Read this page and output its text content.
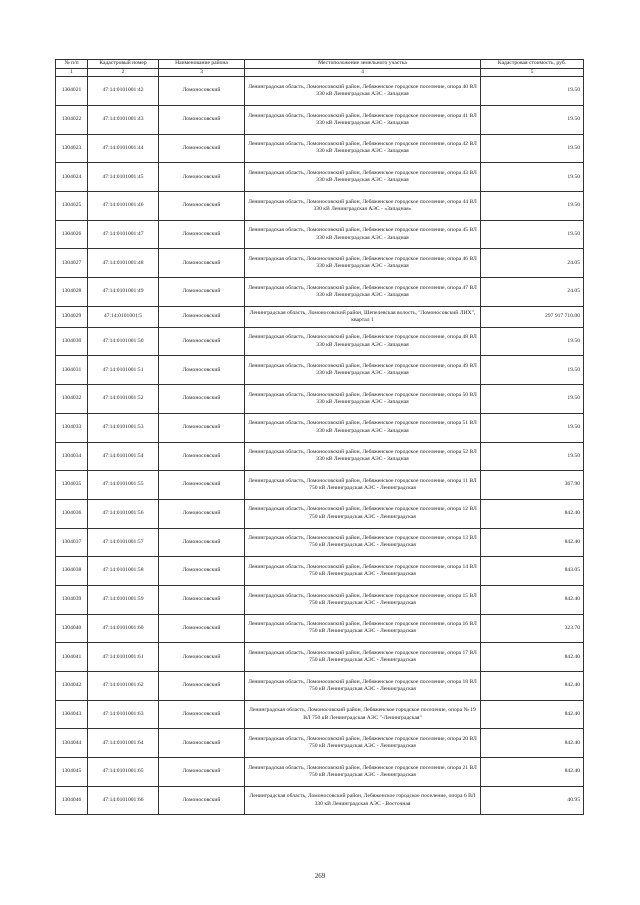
№ п/п	Кадастровый номер	Наименование района	Местоположение земельного участка	Кадастровая стоимость, руб.
1	2	3	4	5
1304021	47:14:0101001:42	Ломоносовский	Ленинградская область, Ломоносовский район, Лебяженское городское поселение, опора 40 ВЛ 330 кВ Ленинградская АЭС - Западная	19.50
1304022	47:14:0101001:43	Ломоносовский	Ленинградская область, Ломоносовский район, Лебяженское городское поселение, опора 41 ВЛ 330 кВ Ленинградская АЭС - Западная	19.50
1304023	47:14:0101001:44	Ломоносовский	Ленинградская область, Ломоносовский район, Лебяженское городское поселение, опора 42 ВЛ 330 кВ Ленинградская АЭС - Западная	19.50
1304024	47:14:0101001:45	Ломоносовский	Ленинградская область, Ломоносовский район, Лебяженское городское поселение, опора 43 ВЛ 330 кВ Ленинградская АЭС - Западная	19.50
1304025	47:14:0101001:46	Ломоносовский	Ленинградская область, Ломоносовский район, Лебяженское городское поселение, опора 44 ВЛ 330 кВ Ленинградская АЭС - «Западная»	19.50
1304026	47:14:0101001:47	Ломоносовский	Ленинградская область, Ломоносовский район, Лебяженское городское поселение, опора 45 ВЛ 330 кВ Ленинградская АЭС - Западная	19.50
1304027	47:14:0101001:48	Ломоносовский	Ленинградская область, Ломоносовский район, Лебяженское городское поселение, опора 46 ВЛ 330 кВ Ленинградская АЭС - Западная	24.05
1304028	47:14:0101001:49	Ломоносовский	Ленинградская область, Ломоносовский район, Лебяженское городское поселение, опора 47 ВЛ 330 кВ Ленинградская АЭС - Западная	24.05
1304029	47:14:0101001:5	Ломоносовский	Ленинградская область, Ломоносовский район, Шепелевская волость, "Ломоносовский ЛИХ", квартал 1	297 917 710.00
1304030	47:14:0101001:50	Ломоносовский	Ленинградская область, Ломоносовский район, Лебяженское городское поселение, опора 48 ВЛ 330 кВ Ленинградская АЭС - Западная	19.50
1304031	47:14:0101001:51	Ломоносовский	Ленинградская область, Ломоносовский район, Лебяженское городское поселение, опора 49 ВЛ 330 кВ Ленинградская АЭС - Западная	19.50
1304032	47:14:0101001:52	Ломоносовский	Ленинградская область, Ломоносовский район, Лебяженское городское поселение, опора 50 ВЛ 330 кВ Ленинградская АЭС - Западная	19.50
1304033	47:14:0101001:53	Ломоносовский	Ленинградская область, Ломоносовский район, Лебяженское городское поселение, опора 51 ВЛ 330 кВ Ленинградская АЭС - Западная	19.50
1304034	47:14:0101001:54	Ломоносовский	Ленинградская область, Ломоносовский район, Лебяженское городское поселение, опора 52 ВЛ 330 кВ Ленинградская АЭС - Западная	19.50
1304035	47:14:0101001:55	Ломоносовский	Ленинградская область, Ломоносовский район, Лебяженское городское поселение, опора 11 ВЛ 750 кВ Ленинградская АЭС - Ленинградская	367.90
1304036	47:14:0101001:56	Ломоносовский	Ленинградская область, Ломоносовский район, Лебяженское городское поселение, опора 12 ВЛ 750 кВ Ленинградская АЭС - Ленинградская	842.40
1304037	47:14:0101001:57	Ломоносовский	Ленинградская область, Ломоносовский район, Лебяженское городское поселение, опора 13 ВЛ 750 кВ Ленинградская АЭС - Ленинградская	842.40
1304038	47:14:0101001:58	Ломоносовский	Ленинградская область, Ломоносовский район, Лебяженское городское поселение, опора 14 ВЛ 750 кВ Ленинградская АЭС - Ленинградская	843.05
1304039	47:14:0101001:59	Ломоносовский	Ленинградская область, Ломоносовский район, Лебяженское городское поселение, опора 15 ВЛ 750 кВ Ленинградская АЭС - Ленинградская	842.40
1304040	47:14:0101001:60	Ломоносовский	Ленинградская область, Ломоносовский район, Лебяженское городское поселение, опора 16 ВЛ 750 кВ Ленинградская АЭС - Ленинградская	323.70
1304041	47:14:0101001:61	Ломоносовский	Ленинградская область, Ломоносовский район, Лебяженское городское поселение, опора 17 ВЛ 750 кВ Ленинградская АЭС - Ленинградская	842.40
1304042	47:14:0101001:62	Ломоносовский	Ленинградская область, Ломоносовский район, Лебяженское городское поселение, опора 18 ВЛ 750 кВ Ленинградская АЭС - Ленинградская	842.40
1304043	47:14:0101001:63	Ломоносовский	Ленинградская область, Ломоносовский район, Лебяженское городское поселение, опора № 19 ВЛ 750 кВ Ленинградская АЭС "-Ленинградская"	842.40
1304044	47:14:0101001:64	Ломоносовский	Ленинградская область, Ломоносовский район, Лебяженское городское поселение, опора 20 ВЛ 750 кВ Ленинградская АЭС - Ленинградская	842.40
1304045	47:14:0101001:65	Ломоносовский	Ленинградская область, Ломоносовский район, Лебяженское городское поселение, опора 21 ВЛ 750 кВ Ленинградская АЭС - Ленинградская	842.40
1304046	47:14:0101001:66	Ломоносовский	Ленинградская область, Ломоносовский район, Лебяженское городское поселение, опора 6 ВЛ 330 кВ Ленинградская АЭС - Восточная	40.95
269
